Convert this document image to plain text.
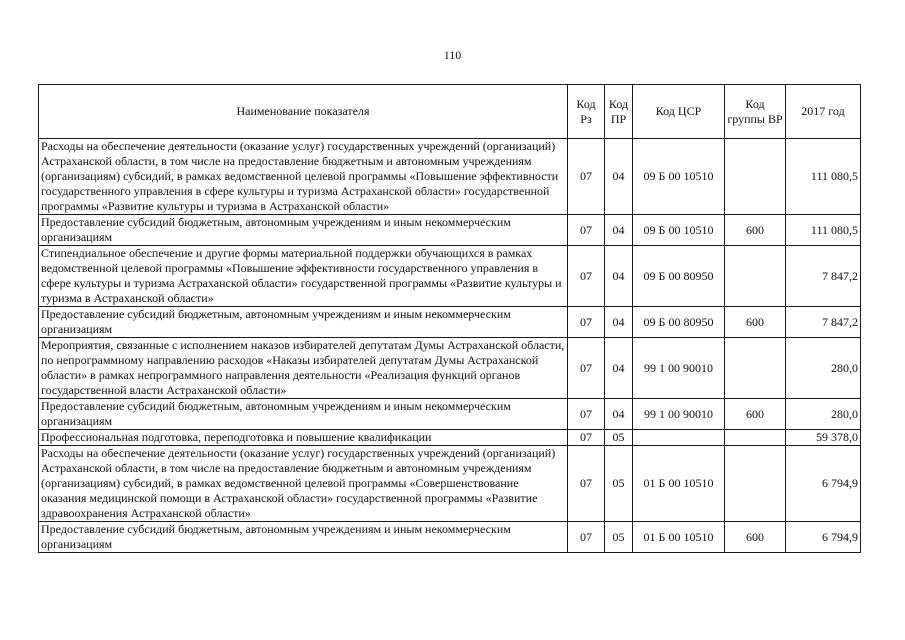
110
Наименование показателя	Код Рз	Код ПР	Код ЦСР	Код группы ВР	2017 год
Расходы на обеспечение деятельности (оказание услуг) государственных учреждений (организаций) Астраханской области, в том числе на предоставление бюджетным и автономным учреждениям (организациям) субсидий, в рамках ведомственной целевой программы «Повышение эффективности государственного управления в сфере культуры и туризма Астраханской области» государственной программы «Развитие культуры и туризма в Астраханской области»	07	04	09 Б 00 10510		111 080,5
Предоставление субсидий бюджетным, автономным учреждениям и иным некоммерческим организациям	07	04	09 Б 00 10510	600	111 080,5
Стипендиальное обеспечение и другие формы материальной поддержки обучающихся в рамках ведомственной целевой программы «Повышение эффективности государственного управления в сфере культуры и туризма Астраханской области» государственной программы «Развитие культуры и туризма в Астраханской области»	07	04	09 Б 00 80950		7 847,2
Предоставление субсидий бюджетным, автономным учреждениям и иным некоммерческим организациям	07	04	09 Б 00 80950	600	7 847,2
Мероприятия, связанные с исполнением наказов избирателей депутатам Думы Астраханской области, по непрограммному направлению расходов «Наказы избирателей депутатам Думы Астраханской области» в рамках непрограммного направления деятельности «Реализация функций органов государственной власти Астраханской области»	07	04	99 1 00 90010		280,0
Предоставление субсидий бюджетным, автономным учреждениям и иным некоммерческим организациям	07	04	99 1 00 90010	600	280,0
Профессиональная подготовка, переподготовка и повышение квалификации	07	05			59 378,0
Расходы на обеспечение деятельности (оказание услуг) государственных учреждений (организаций) Астраханской области, в том числе на предоставление бюджетным и автономным учреждениям (организациям) субсидий, в рамках ведомственной целевой программы «Совершенствование оказания медицинской помощи в Астраханской области» государственной программы «Развитие здравоохранения Астраханской области»	07	05	01 Б 00 10510		6 794,9
Предоставление субсидий бюджетным, автономным учреждениям и иным некоммерческим организациям	07	05	01 Б 00 10510	600	6 794,9
